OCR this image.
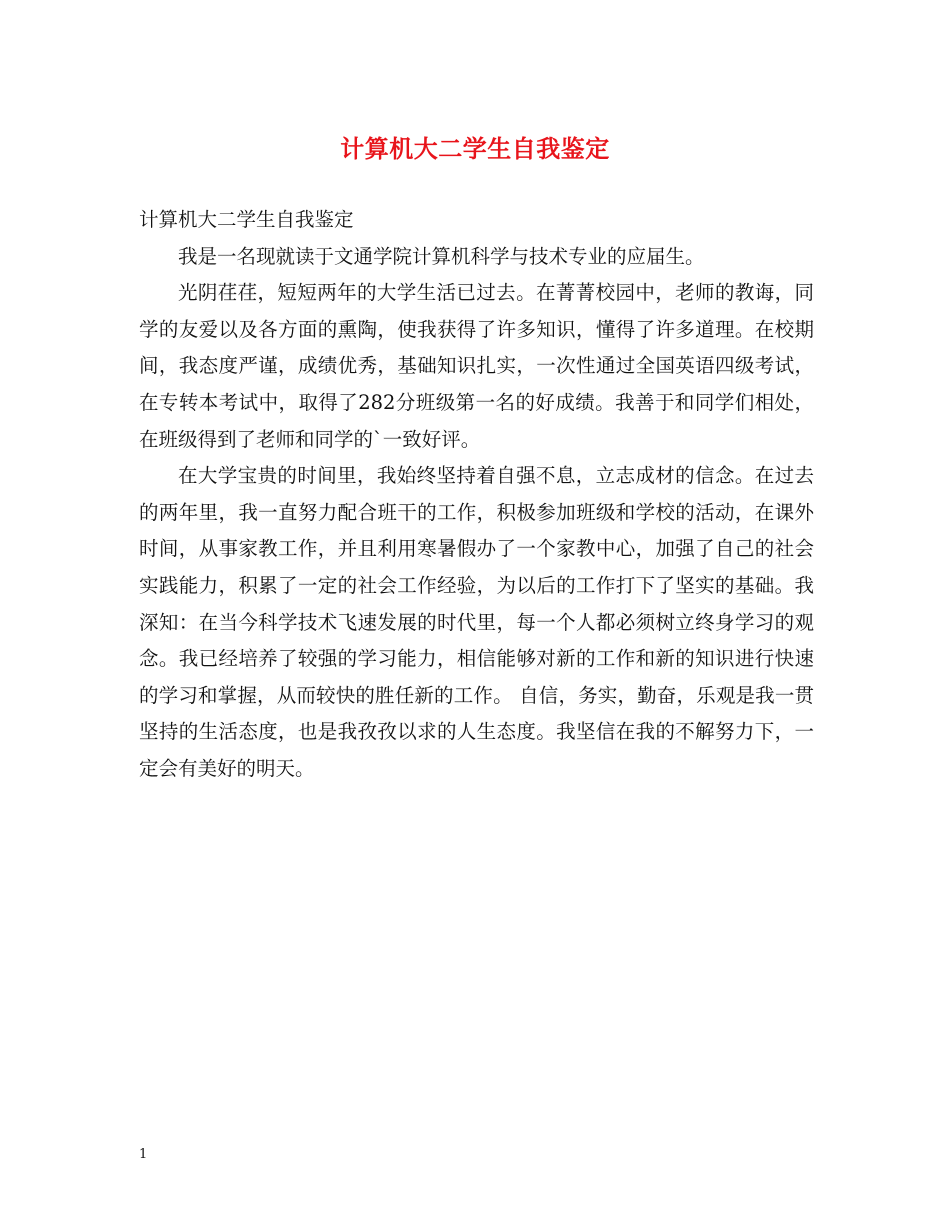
计算机大二学生自我鉴定

计算机大二学生自我鉴定

我是一名现就读于文通学院计算机科学与技术专业的应届生。

光阴荏荏，短短两年的大学生活已过去。在菁菁校园中，老师的教诲，同学的友爱以及各方面的熏陶，使我获得了许多知识，懂得了许多道理。在校期间，我态度严谨，成绩优秀，基础知识扎实，一次性通过全国英语四级考试，在专转本考试中，取得了282分班级第一名的好成绩。我善于和同学们相处，在班级得到了老师和同学的`一致好评。

在大学宝贵的时间里，我始终坚持着自强不息，立志成材的信念。在过去的两年里，我一直努力配合班干的工作，积极参加班级和学校的活动，在课外时间，从事家教工作，并且利用寒暑假办了一个家教中心，加强了自己的社会实践能力，积累了一定的社会工作经验，为以后的工作打下了坚实的基础。我深知：在当今科学技术飞速发展的时代里，每一个人都必须树立终身学习的观念。我已经培养了较强的学习能力，相信能够对新的工作和新的知识进行快速的学习和掌握，从而较快的胜任新的工作。 自信，务实，勤奋，乐观是我一贯坚持的生活态度，也是我孜孜以求的人生态度。我坚信在我的不解努力下，一定会有美好的明天。

1
